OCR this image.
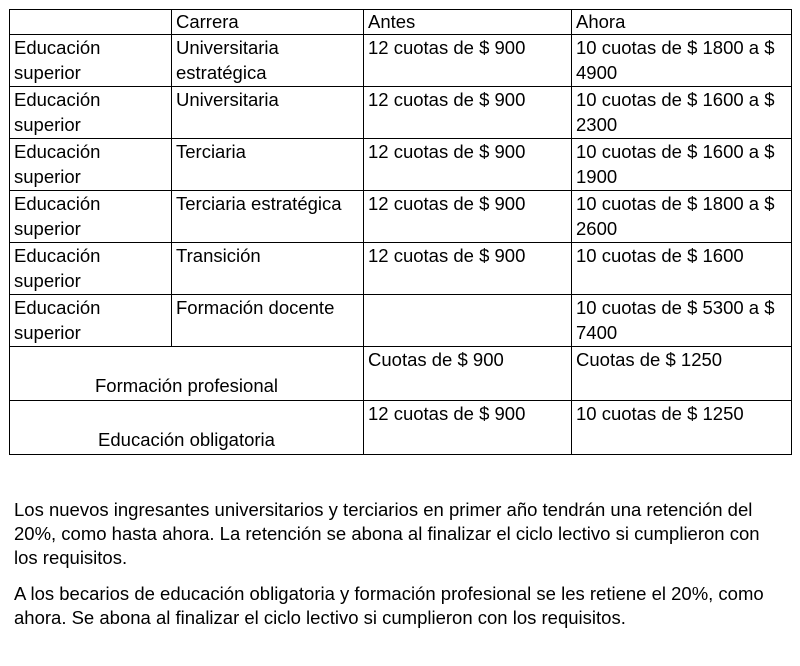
	Carrera	Antes	Ahora
Educación superior	Universitaria estratégica	12 cuotas de $ 900	10 cuotas de $ 1800 a $ 4900
Educación superior	Universitaria	12 cuotas de $ 900	10 cuotas de $ 1600 a $ 2300
Educación superior	Terciaria	12 cuotas de $ 900	10 cuotas de $ 1600 a $ 1900
Educación superior	Terciaria estratégica	12 cuotas de $ 900	10 cuotas de $ 1800 a $ 2600
Educación superior	Transición	12 cuotas de $ 900	10 cuotas de $ 1600
Educación superior	Formación docente		10 cuotas de $ 5300 a $ 7400
Formación profesional		Cuotas de $ 900	Cuotas de $ 1250
Educación obligatoria		12 cuotas de $ 900	10 cuotas de $ 1250

Los nuevos ingresantes universitarios y terciarios en primer año tendrán una retención del 20%, como hasta ahora. La retención se abona al finalizar el ciclo lectivo si cumplieron con los requisitos.

A los becarios de educación obligatoria y formación profesional se les retiene el 20%, como ahora. Se abona al finalizar el ciclo lectivo si cumplieron con los requisitos.
